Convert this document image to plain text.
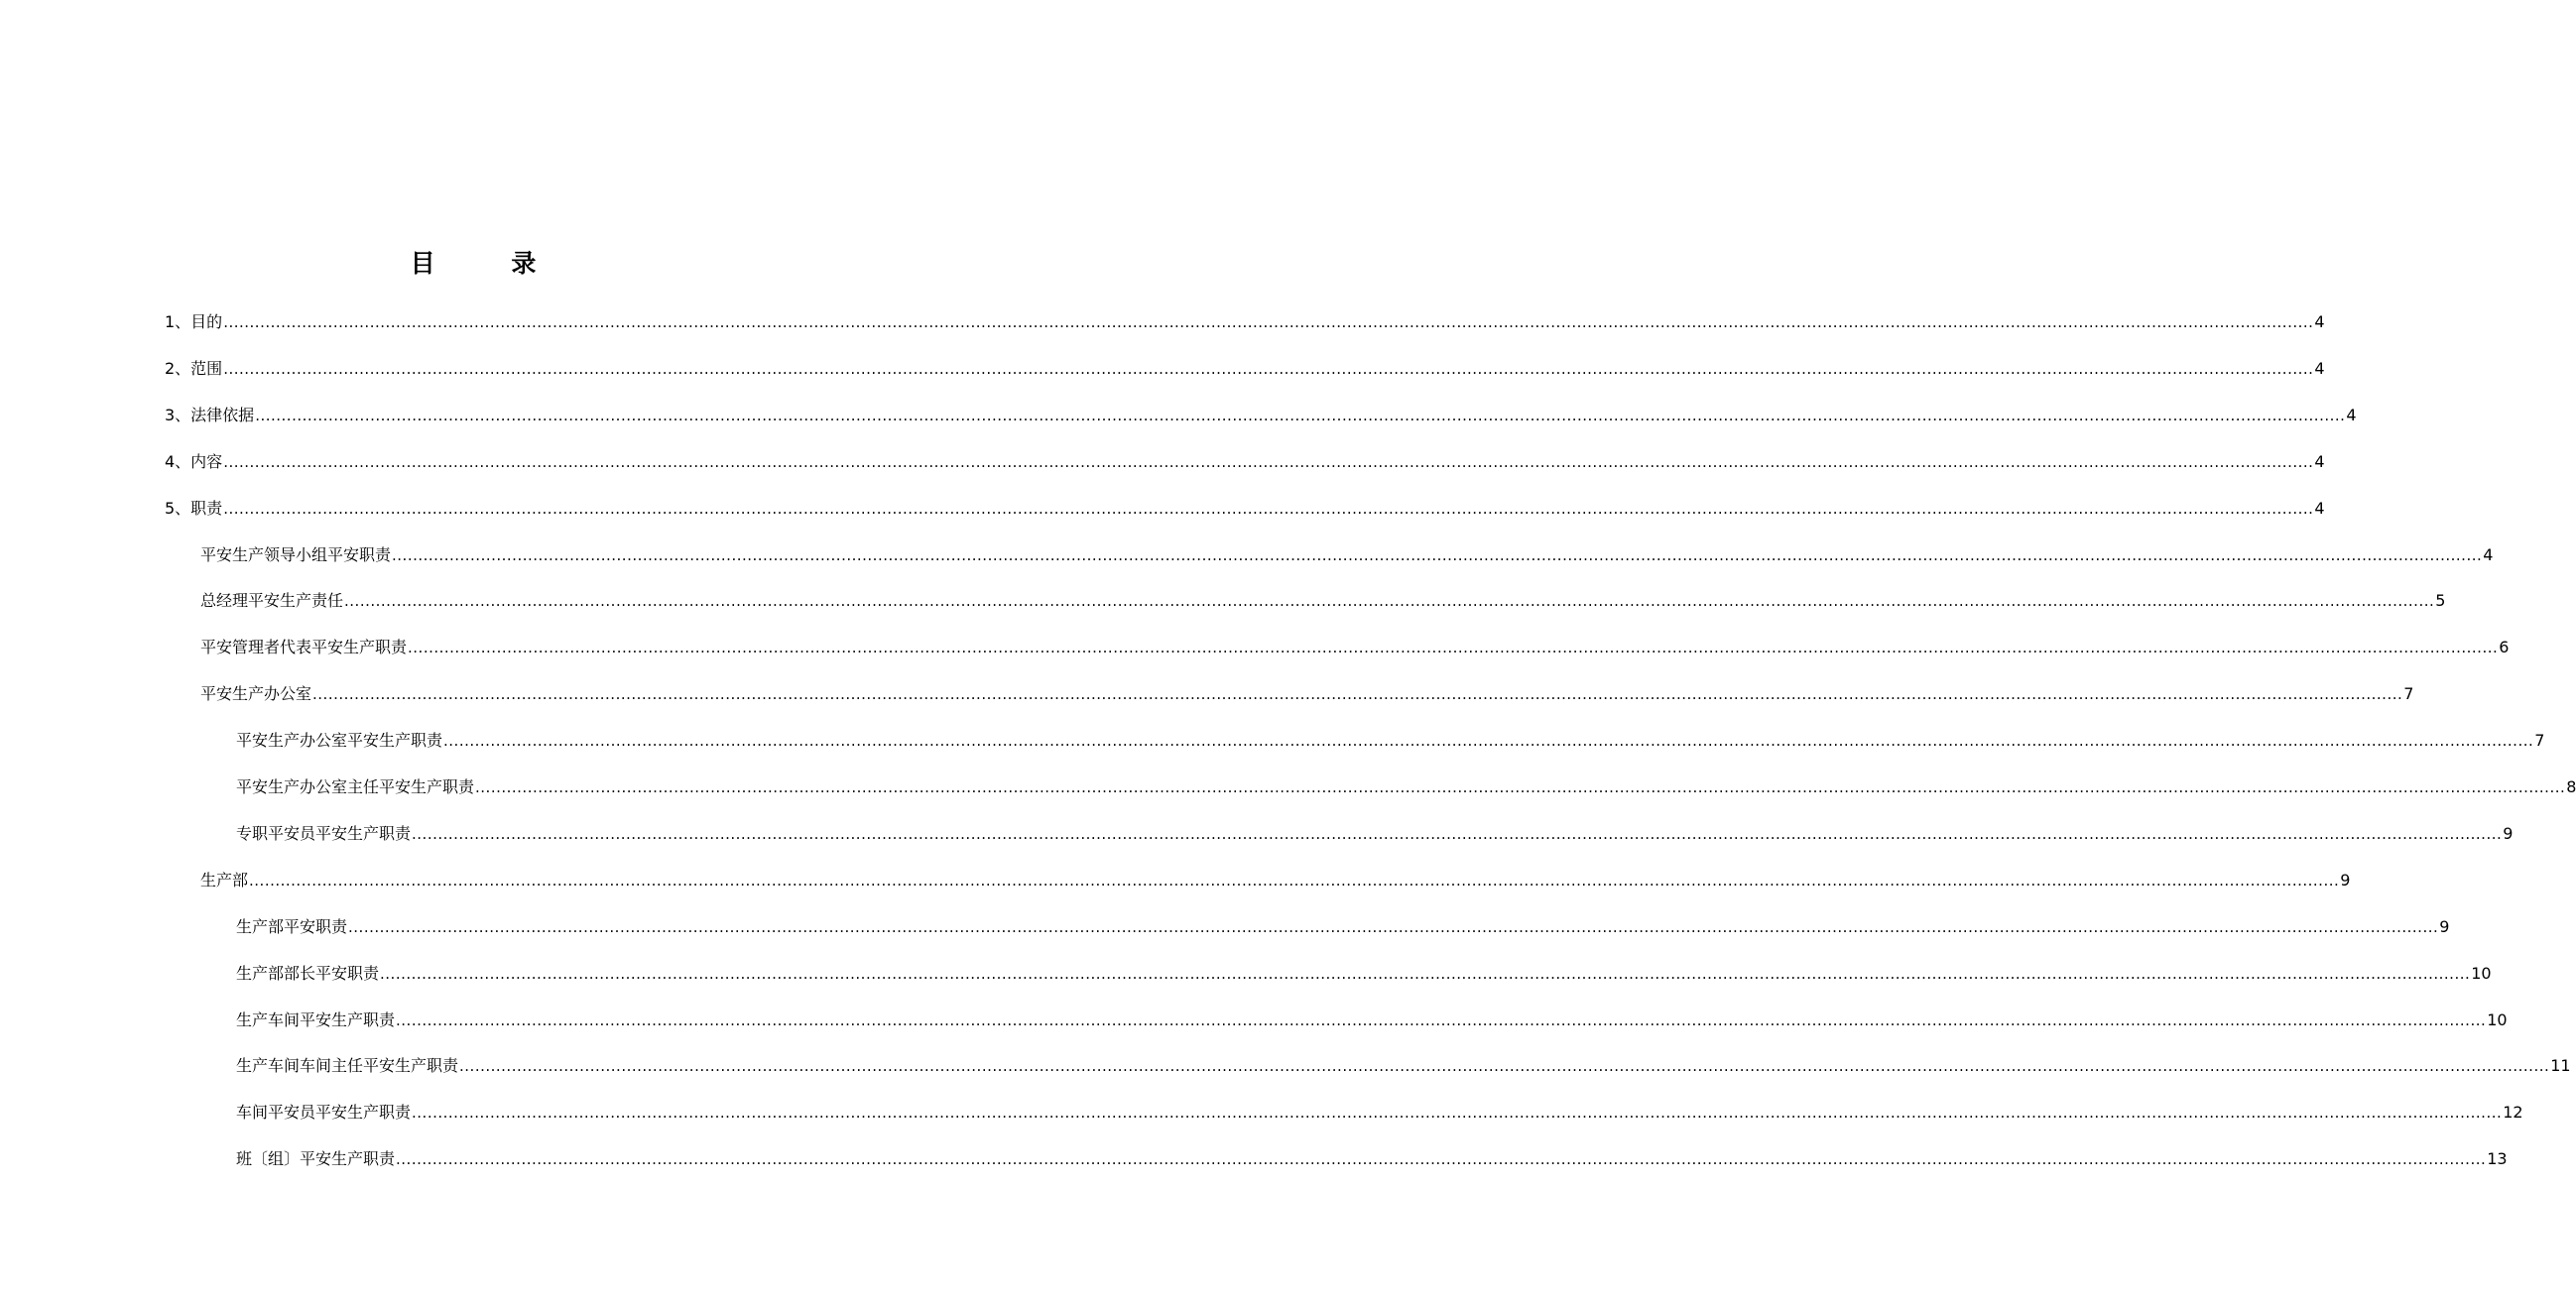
目 录
1、目的 ................................................................................................................................................................................................................................................................................................................................................................................................................ 4
2、范围 ................................................................................................................................................................................................................................................................................................................................................................................................................ 4
3、法律依据 ................................................................................................................................................................................................................................................................................................................................................................................................................ 4
4、内容 ................................................................................................................................................................................................................................................................................................................................................................................................................ 4
5、职责 ................................................................................................................................................................................................................................................................................................................................................................................................................ 4
平安生产领导小组平安职责 ................................................................................................................................................................................................................................................................................................................................................................................................................ 4
总经理平安生产责任 ................................................................................................................................................................................................................................................................................................................................................................................................................ 5
平安管理者代表平安生产职责 ................................................................................................................................................................................................................................................................................................................................................................................................................ 6
平安生产办公室 ................................................................................................................................................................................................................................................................................................................................................................................................................ 7
平安生产办公室平安生产职责 ................................................................................................................................................................................................................................................................................................................................................................................................................ 7
平安生产办公室主任平安生产职责 ................................................................................................................................................................................................................................................................................................................................................................................................................ 8
专职平安员平安生产职责 ................................................................................................................................................................................................................................................................................................................................................................................................................ 9
生产部 ................................................................................................................................................................................................................................................................................................................................................................................................................ 9
生产部平安职责 ................................................................................................................................................................................................................................................................................................................................................................................................................ 9
生产部部长平安职责 ................................................................................................................................................................................................................................................................................................................................................................................................................ 10
生产车间平安生产职责 ................................................................................................................................................................................................................................................................................................................................................................................................................ 10
生产车间车间主任平安生产职责 ................................................................................................................................................................................................................................................................................................................................................................................................................ 11
车间平安员平安生产职责 ................................................................................................................................................................................................................................................................................................................................................................................................................ 12
班〔组〕平安生产职责 ................................................................................................................................................................................................................................................................................................................................................................................................................ 13
